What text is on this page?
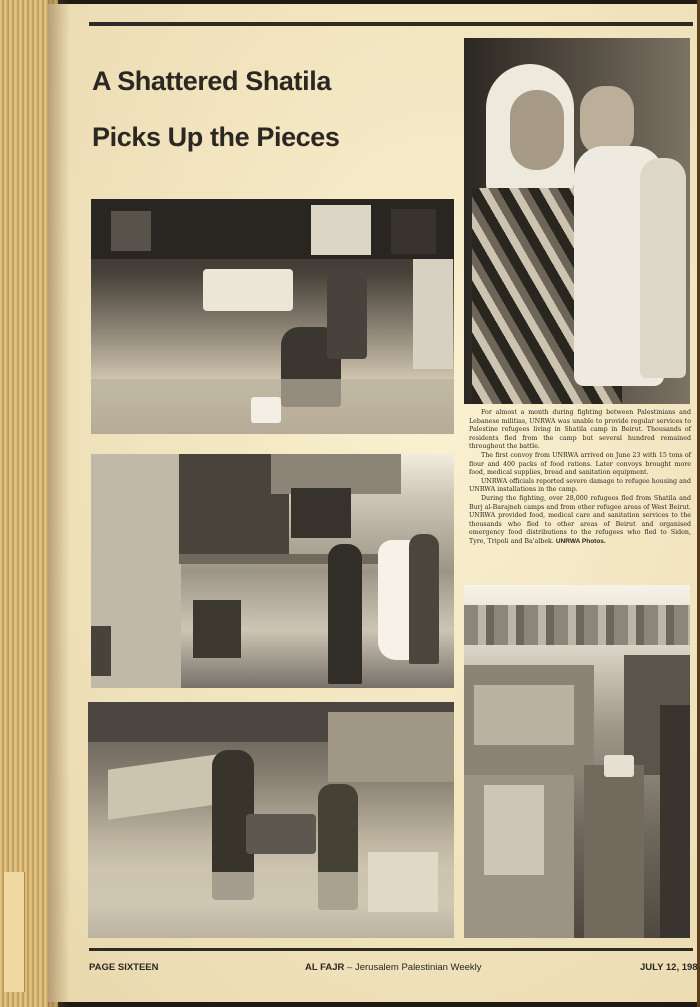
A Shattered Shatila
Picks Up the Pieces

For almost a month during fighting between Palestinians and Lebanese militias, UNRWA was unable to provide regular services to Palestine refugees living in Shatila camp in Beirut. Thousands of residents fled from the camp but several hundred remained throughout the battle.

The first convoy from UNRWA arrived on June 23 with 15 tons of flour and 400 packs of food rations. Later convoys brought more food, medical supplies, bread and sanitation equipment.

UNRWA officials reported severe damage to refugee housing and UNRWA installations in the camp.

During the fighting, over 28,000 refugees fled from Shatila and Burj al-Barajneh camps and from other refugee areas of West Beirut. UNRWA provided food, medical care and sanitation services to the thousands who fled to other areas of Beirut and organised emergency food distributions to the refugees who fled to Sidon, Tyre, Tripoli and Ba'albek. UNRWA Photos.

PAGE SIXTEEN	AL FAJR – Jerusalem Palestinian Weekly	JULY 12, 198
